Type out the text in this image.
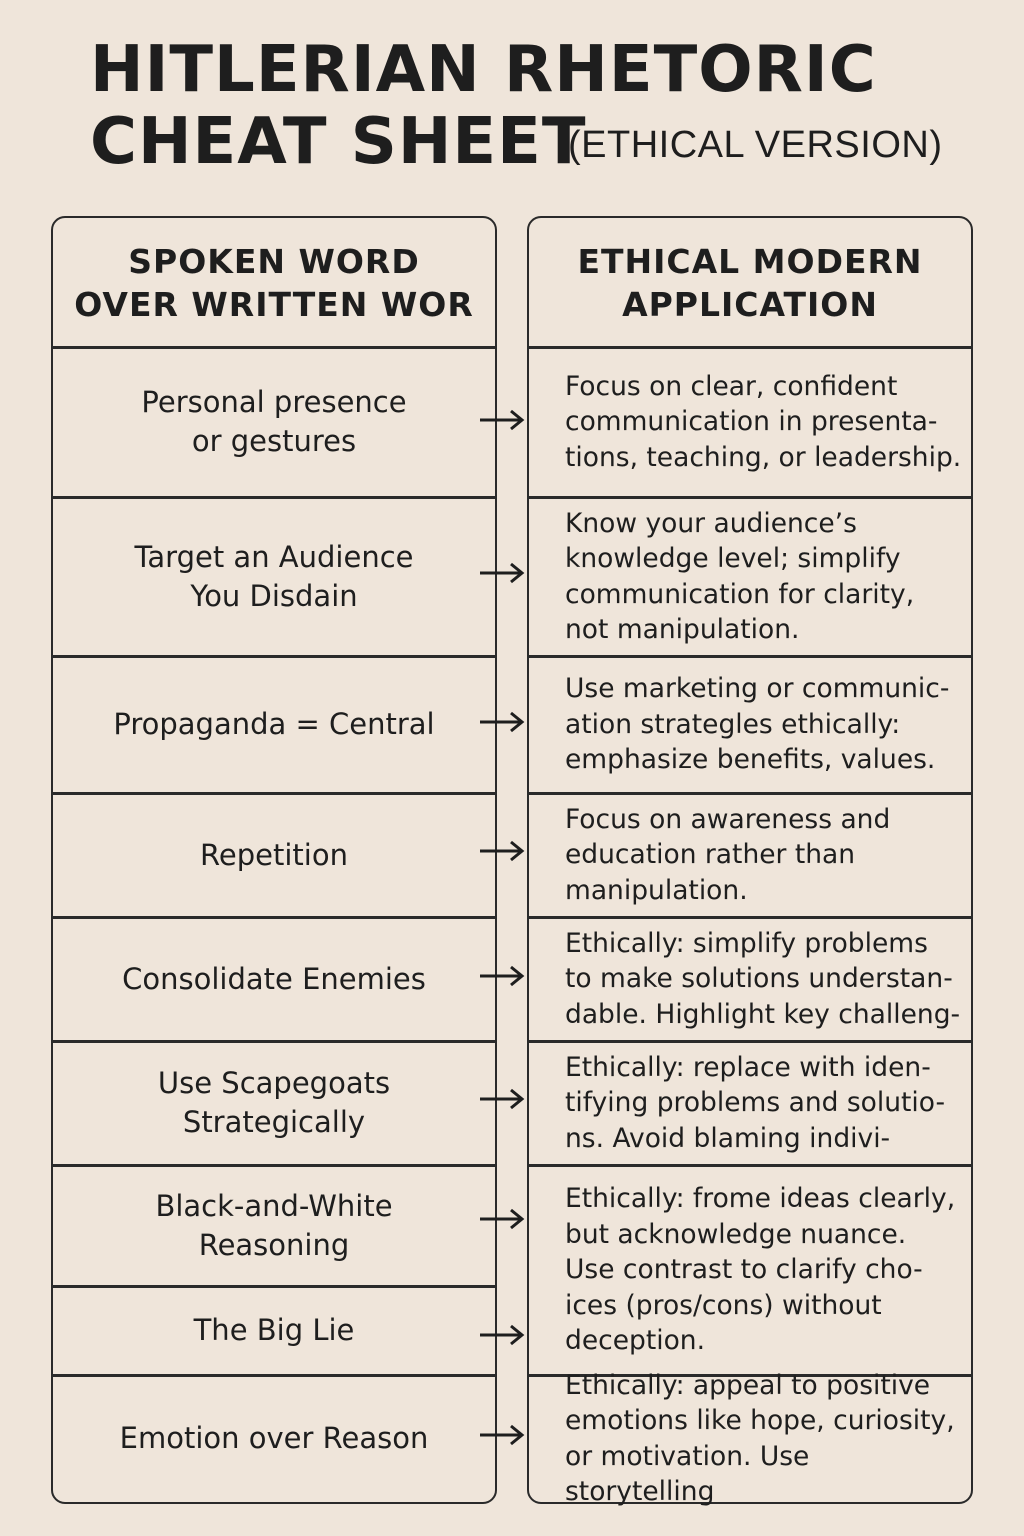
HITLERIAN RHETORIC
CHEAT SHEET
(ETHICAL VERSION)
SPOKEN WORD
OVER WRITTEN WOR
Personal presence
or gestures
Target an Audience
You Disdain
Propaganda = Central
Repetition
Consolidate Enemies
Use Scapegoats
Strategically
Black-and-White
Reasoning
The Big Lie
Emotion over Reason
ETHICAL MODERN
APPLICATION
Focus on clear, confident
communication in presenta-
tions, teaching, or leadership.
Know your audience’s
knowledge level; simplify
communication for clarity,
not manipulation.
Use marketing or communic-
ation strategles ethically:
emphasize benefits, values.
Focus on awareness and
education rather than
manipulation.
Ethically: simplify problems
to make solutions understan-
dable. Highlight key challeng-
Ethically: replace with iden-
tifying problems and solutio-
ns. Avoid blaming indivi-
Ethically: frome ideas clearly,
but acknowledge nuance.
Use contrast to clarify cho-
ices (pros/cons) without
deception.
Ethically: appeal to positive
emotions like hope, curiosity,
or motivation. Use storytelling
